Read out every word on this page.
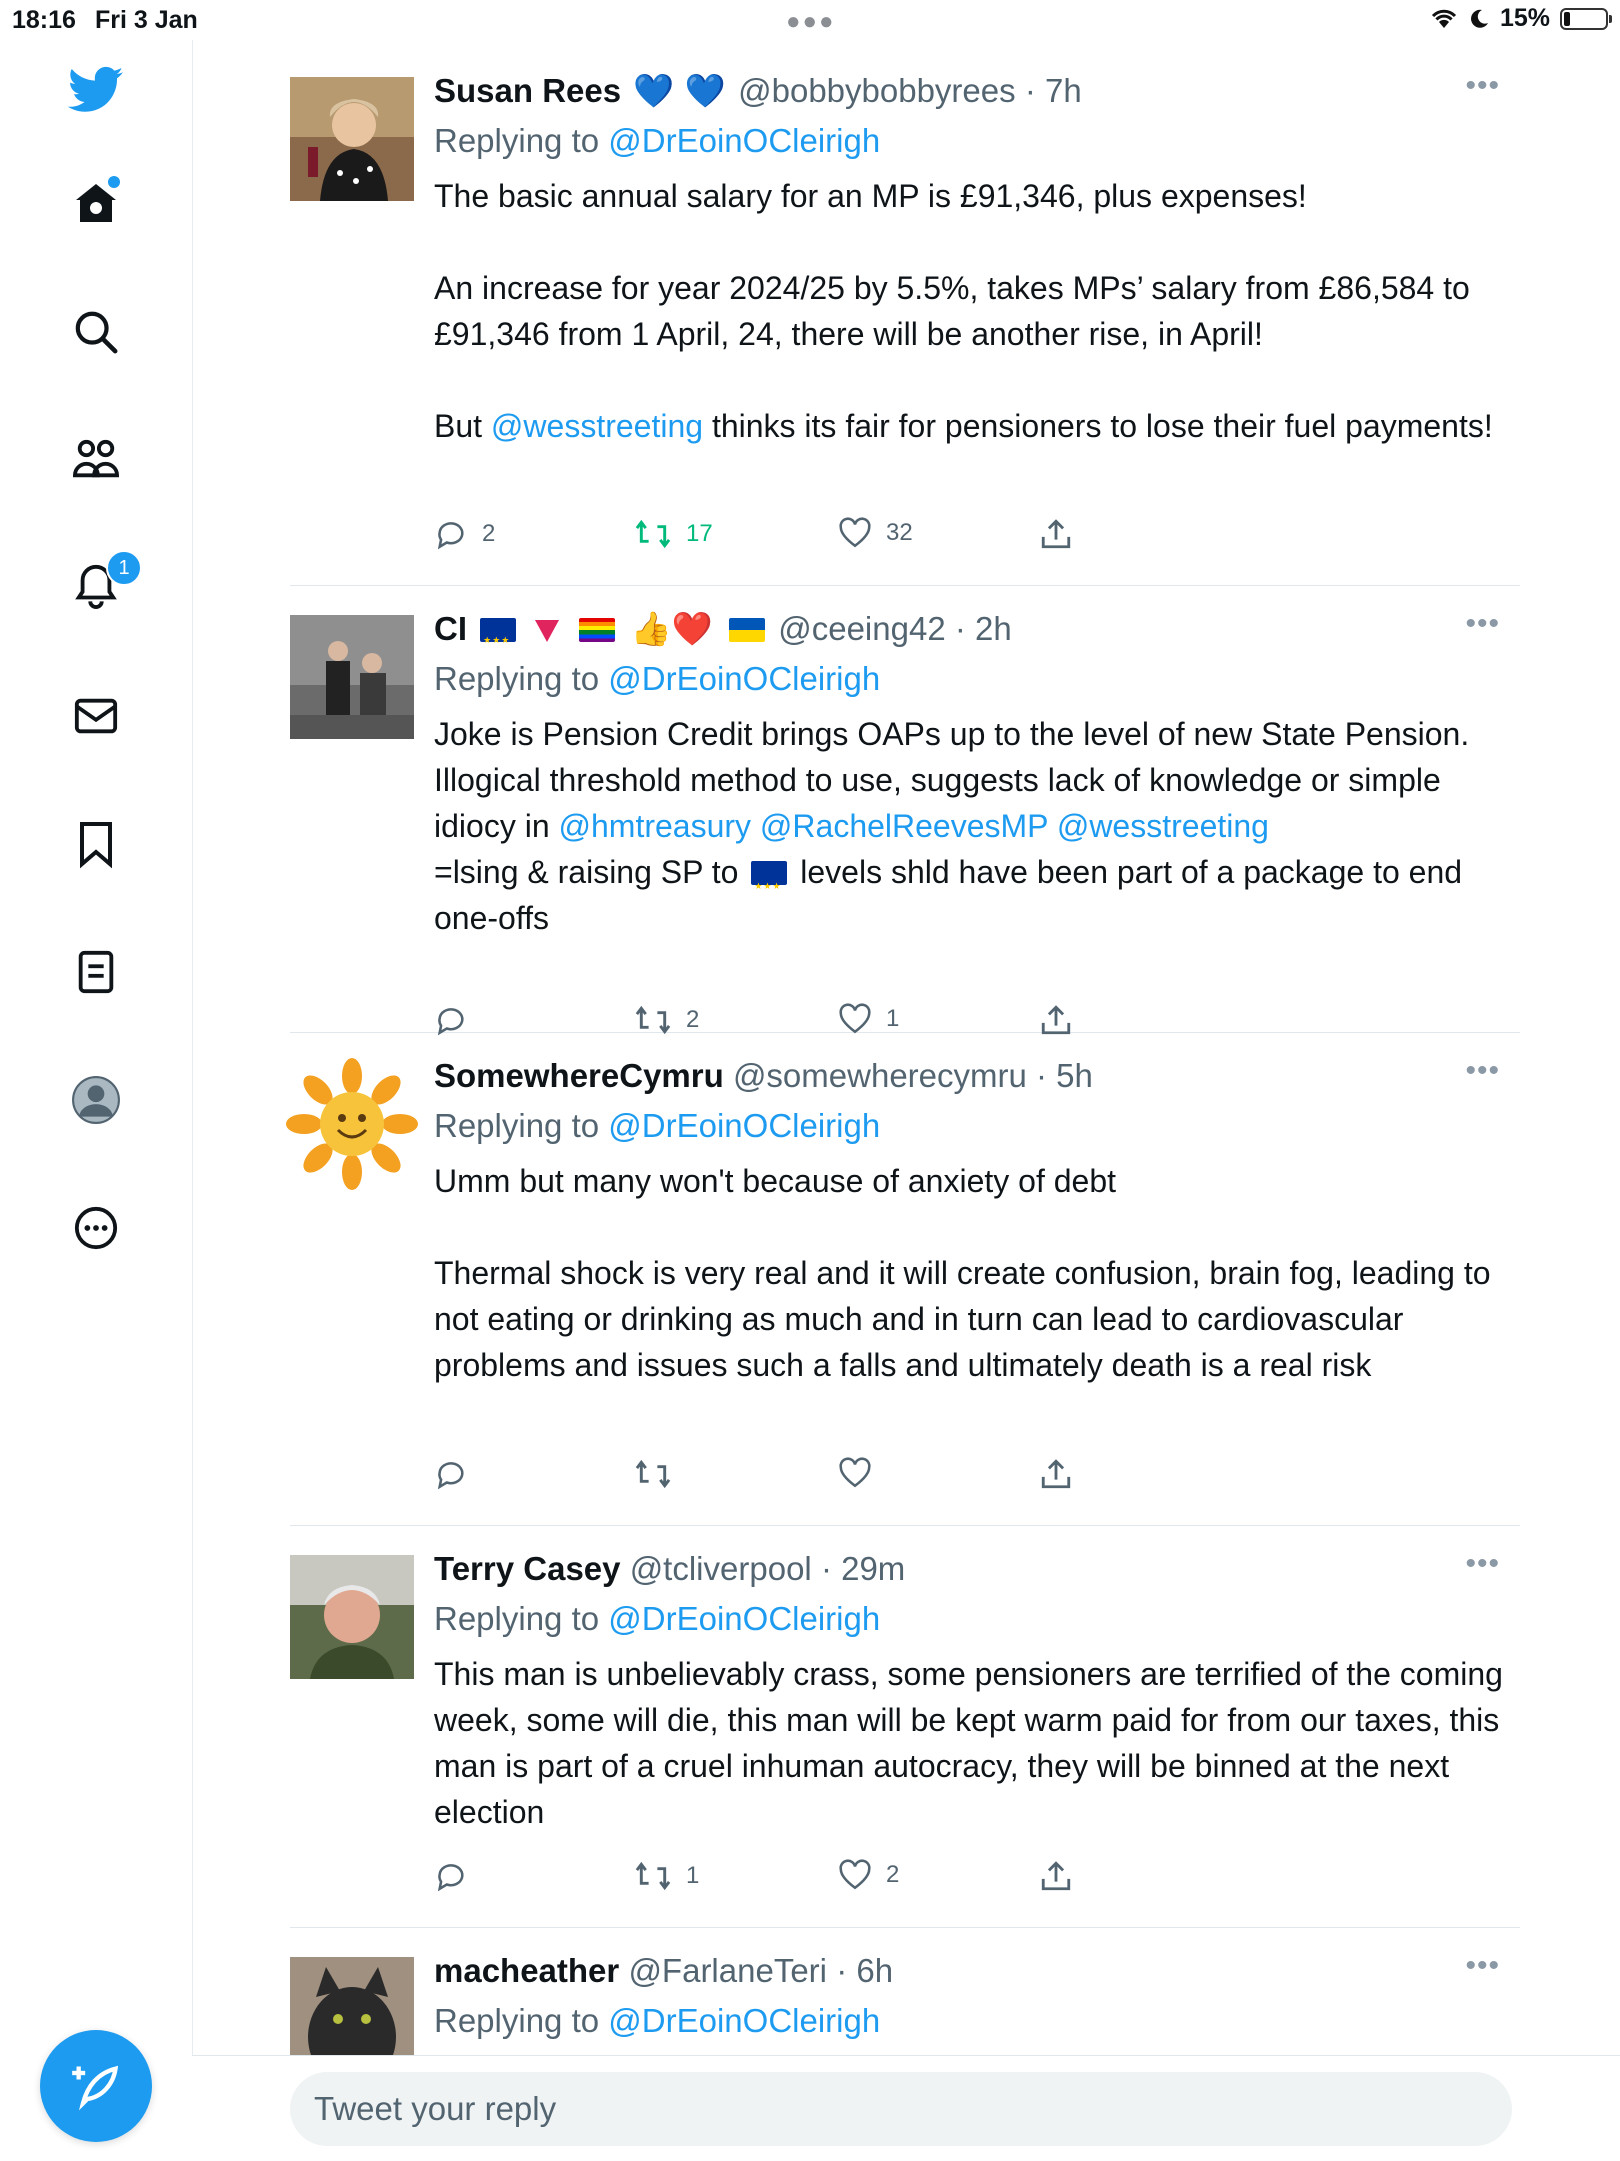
18:16 Fri 3 Jan	●●●	15%
1
Susan Rees 💙 💙 @bobbybobbyrees · 7h
Replying to @DrEoinOCleirigh
The basic annual salary for an MP is £91,346, plus expenses!

An increase for year 2024/25 by 5.5%, takes MPs’ salary from £86,584 to £91,346 from 1 April, 24, there will be another rise, in April!

But @wesstreeting thinks its fair for pensioners to lose their fuel payments!
•••
2	17	32
CI ★★★	👍❤️ @ceeing42 · 2h
Replying to @DrEoinOCleirigh
Joke is Pension Credit brings OAPs up to the level of new State Pension. Illogical threshold method to use, suggests lack of knowledge or simple idiocy in @hmtreasury @RachelReevesMP @wesstreeting
=lsing & raising SP to ★★★ levels shld have been part of a package to end one-offs
•••
2	1
SomewhereCymru @somewherecymru · 5h
Replying to @DrEoinOCleirigh
Umm but many won't because of anxiety of debt

Thermal shock is very real and it will create confusion, brain fog, leading to not eating or drinking as much and in turn can lead to cardiovascular problems and issues such a falls and ultimately death is a real risk
•••
Terry Casey @tcliverpool · 29m
Replying to @DrEoinOCleirigh
This man is unbelievably crass, some pensioners are terrified of the coming week, some will die, this man will be kept warm paid for from our taxes, this man is part of a cruel inhuman autocracy, they will be binned at the next election
•••
1	2
macheather @FarlaneTeri · 6h
Replying to @DrEoinOCleirigh
•••
Tweet your reply
